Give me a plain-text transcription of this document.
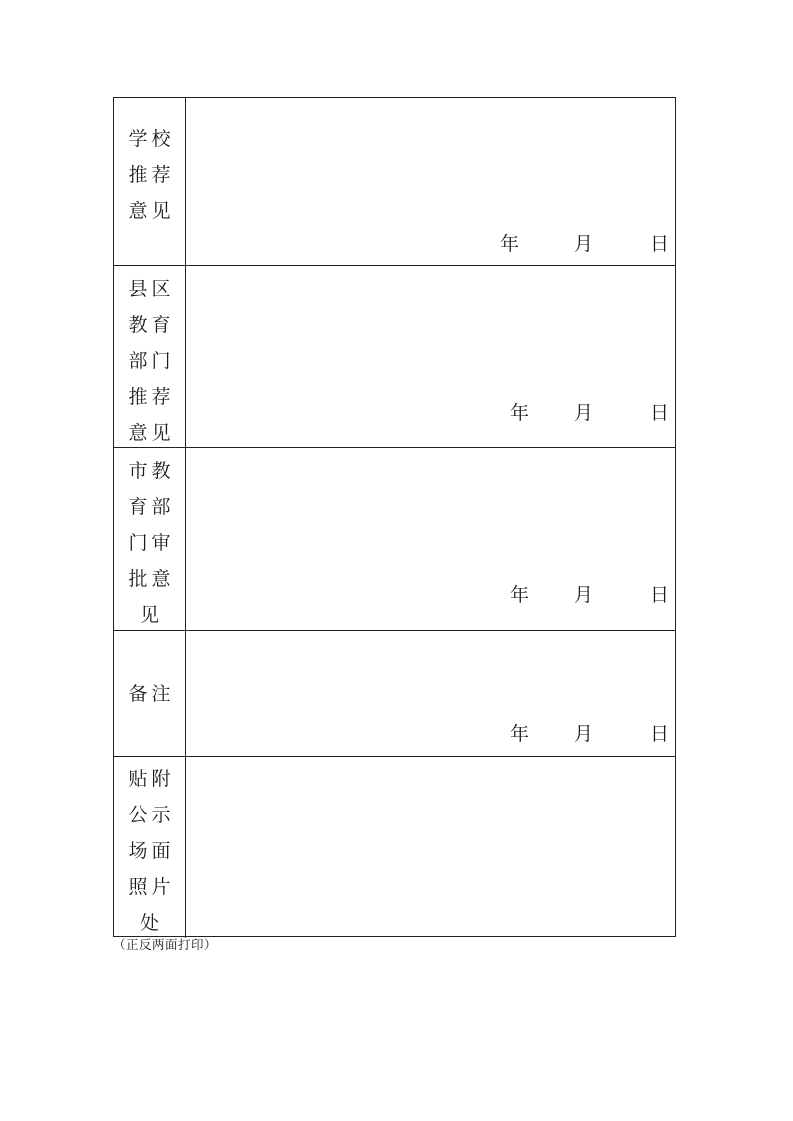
学校
推荐
意见
年	月	日
县区
教育
部门
推荐
意见
年 月	日
市教
育部
门审
批意
见
年 月	日
备注
年 月	日
贴附
公示
场面
照片
处
（正反两面打印）
